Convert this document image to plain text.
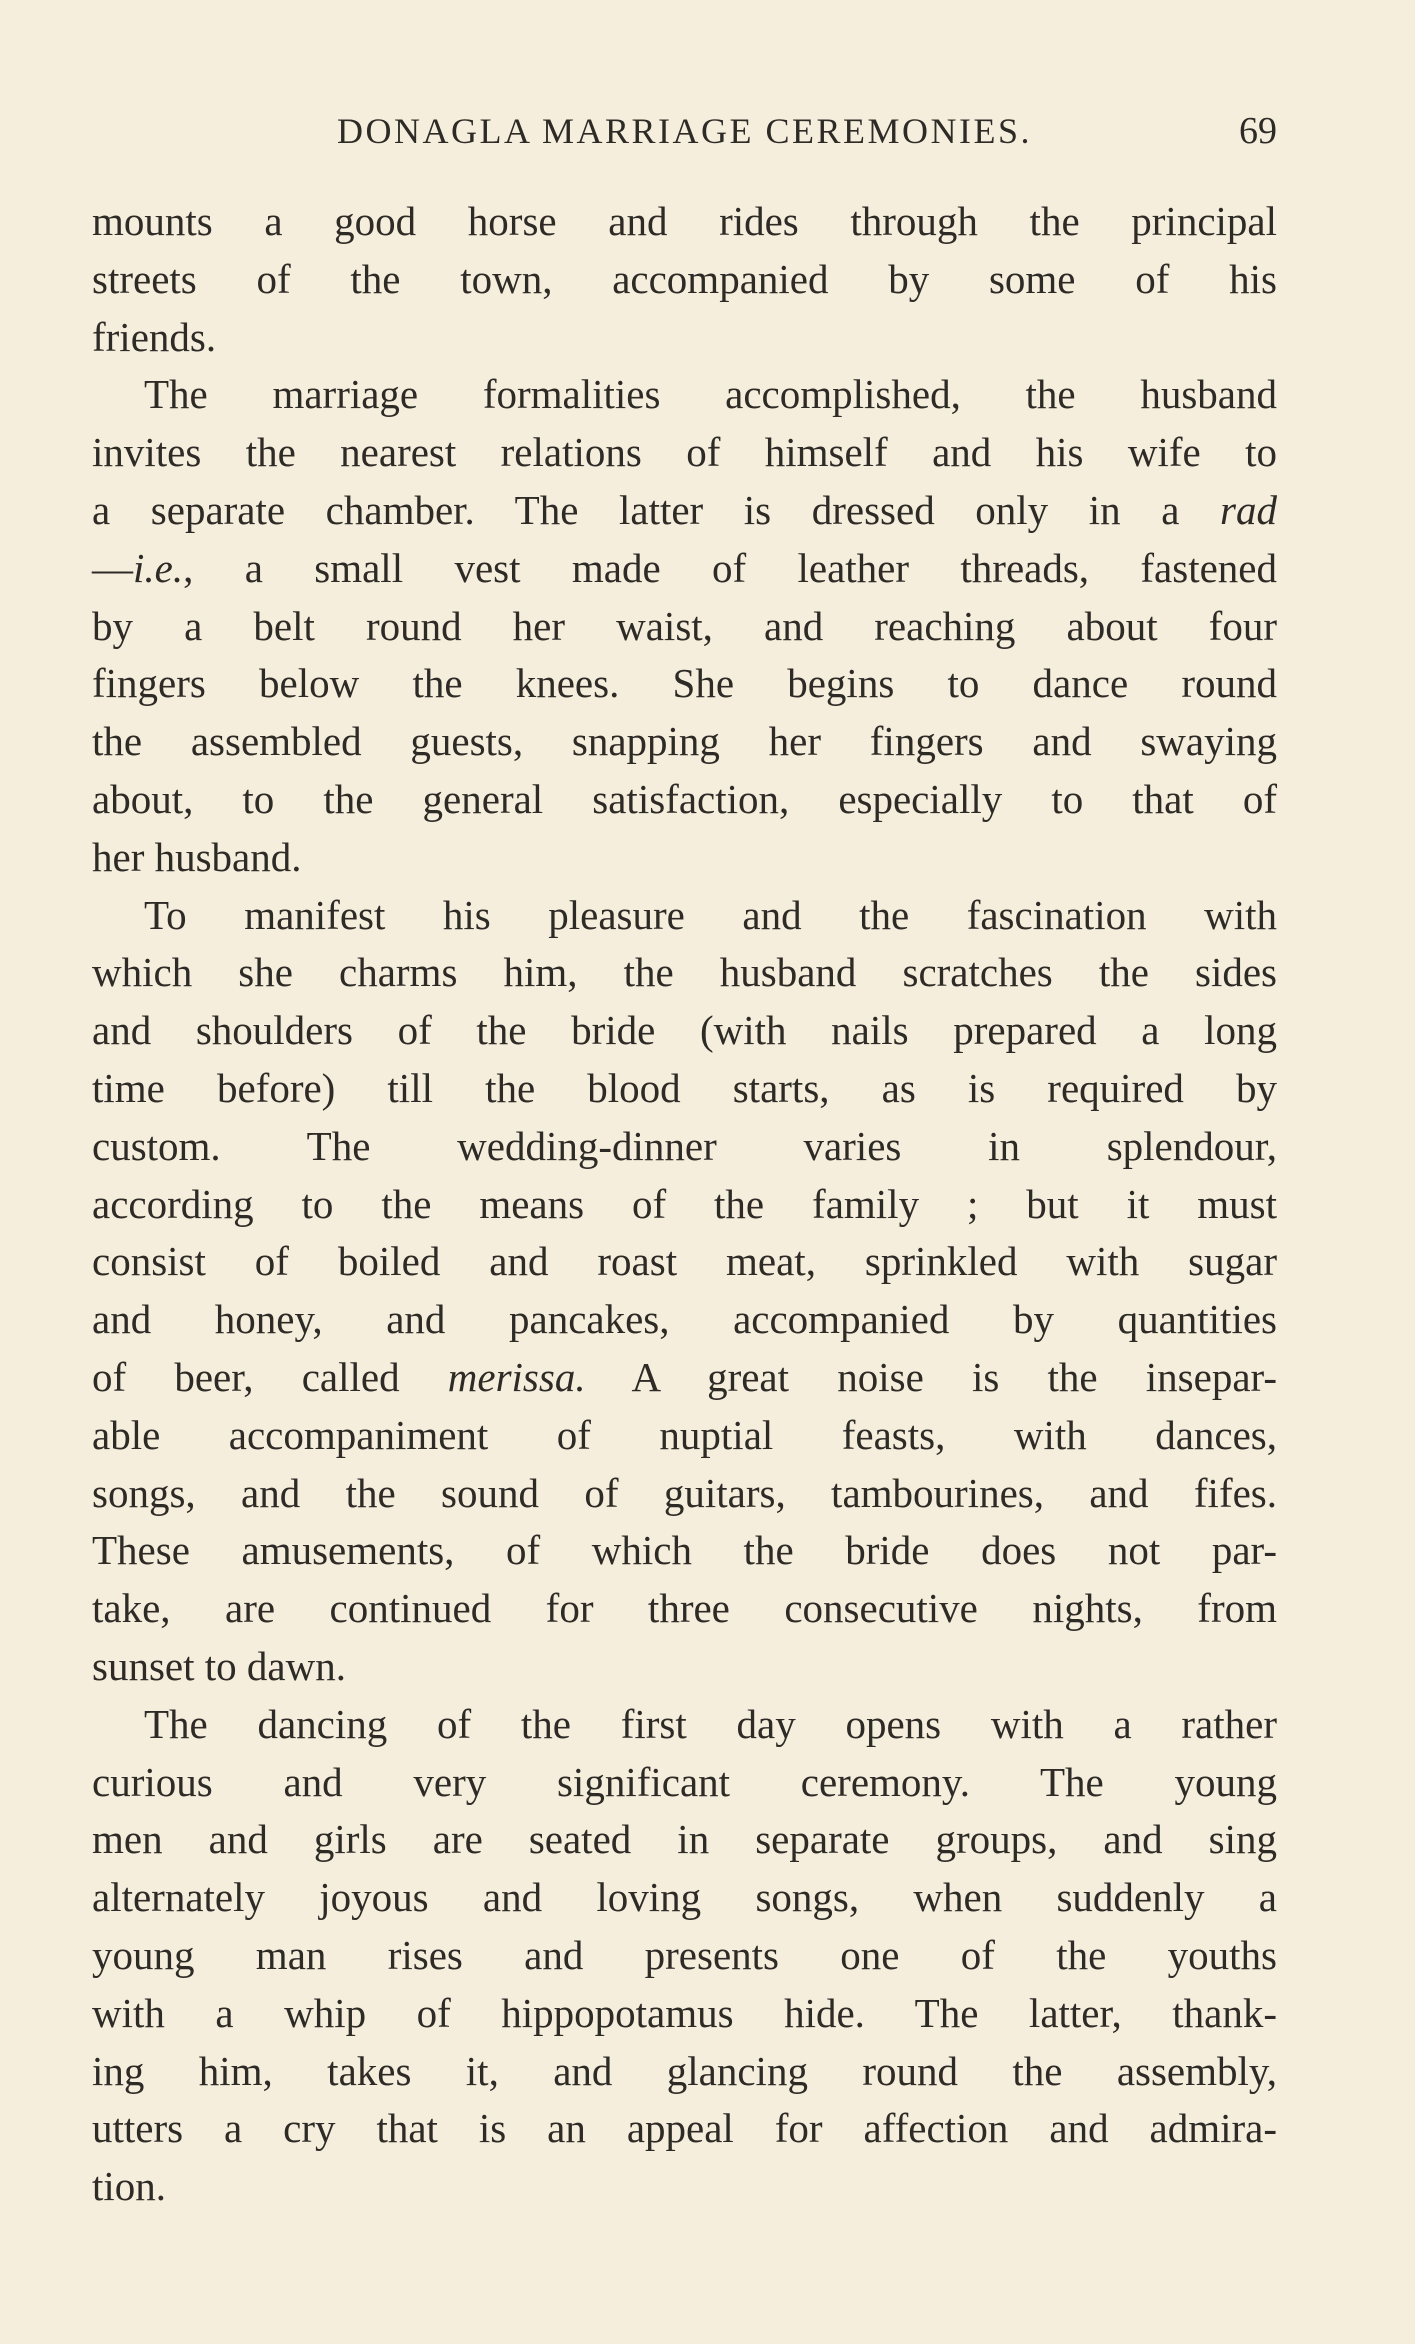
DONAGLA MARRIAGE CEREMONIES.	69
mounts a good horse and rides through the principal
streets of the town, accompanied by some of his
friends.
The marriage formalities accomplished, the husband
invites the nearest relations of himself and his wife to
a separate chamber. The latter is dressed only in a rad
—i.e., a small vest made of leather threads, fastened
by a belt round her waist, and reaching about four
fingers below the knees. She begins to dance round
the assembled guests, snapping her fingers and swaying
about, to the general satisfaction, especially to that of
her husband.
To manifest his pleasure and the fascination with
which she charms him, the husband scratches the sides
and shoulders of the bride (with nails prepared a long
time before) till the blood starts, as is required by
custom. The wedding-dinner varies in splendour,
according to the means of the family ; but it must
consist of boiled and roast meat, sprinkled with sugar
and honey, and pancakes, accompanied by quantities
of beer, called merissa. A great noise is the insepar-
able accompaniment of nuptial feasts, with dances,
songs, and the sound of guitars, tambourines, and fifes.
These amusements, of which the bride does not par-
take, are continued for three consecutive nights, from
sunset to dawn.
The dancing of the first day opens with a rather
curious and very significant ceremony. The young
men and girls are seated in separate groups, and sing
alternately joyous and loving songs, when suddenly a
young man rises and presents one of the youths
with a whip of hippopotamus hide. The latter, thank-
ing him, takes it, and glancing round the assembly,
utters a cry that is an appeal for affection and admira-
tion.
